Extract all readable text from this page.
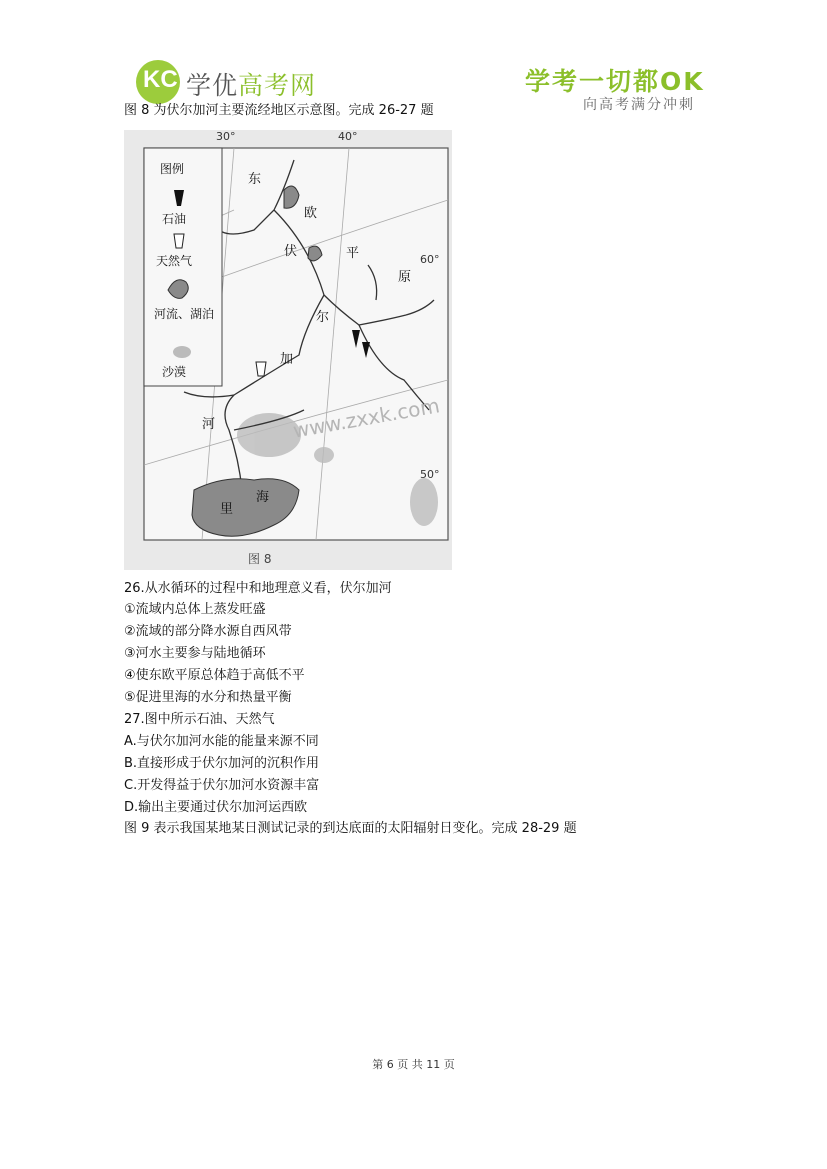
KC 学优高考网	学考一切都OK
向高考满分冲刺
图 8 为伏尔加河主要流经地区示意图。完成 26-27 题
30°	40°
60°
50°
图例
石油
天然气
河流、湖泊
沙漠
东
欧
平
原
伏
尔
加
河
里
海
www.zxxk.com
图 8
26.从水循环的过程中和地理意义看，伏尔加河
①流域内总体上蒸发旺盛
②流域的部分降水源自西风带
③河水主要参与陆地循环
④使东欧平原总体趋于高低不平
⑤促进里海的水分和热量平衡
27.图中所示石油、天然气
A.与伏尔加河水能的能量来源不同
B.直接形成于伏尔加河的沉积作用
C.开发得益于伏尔加河水资源丰富
D.输出主要通过伏尔加河运西欧
图 9 表示我国某地某日测试记录的到达底面的太阳辐射日变化。完成 28-29 题
第 6 页 共 11 页
